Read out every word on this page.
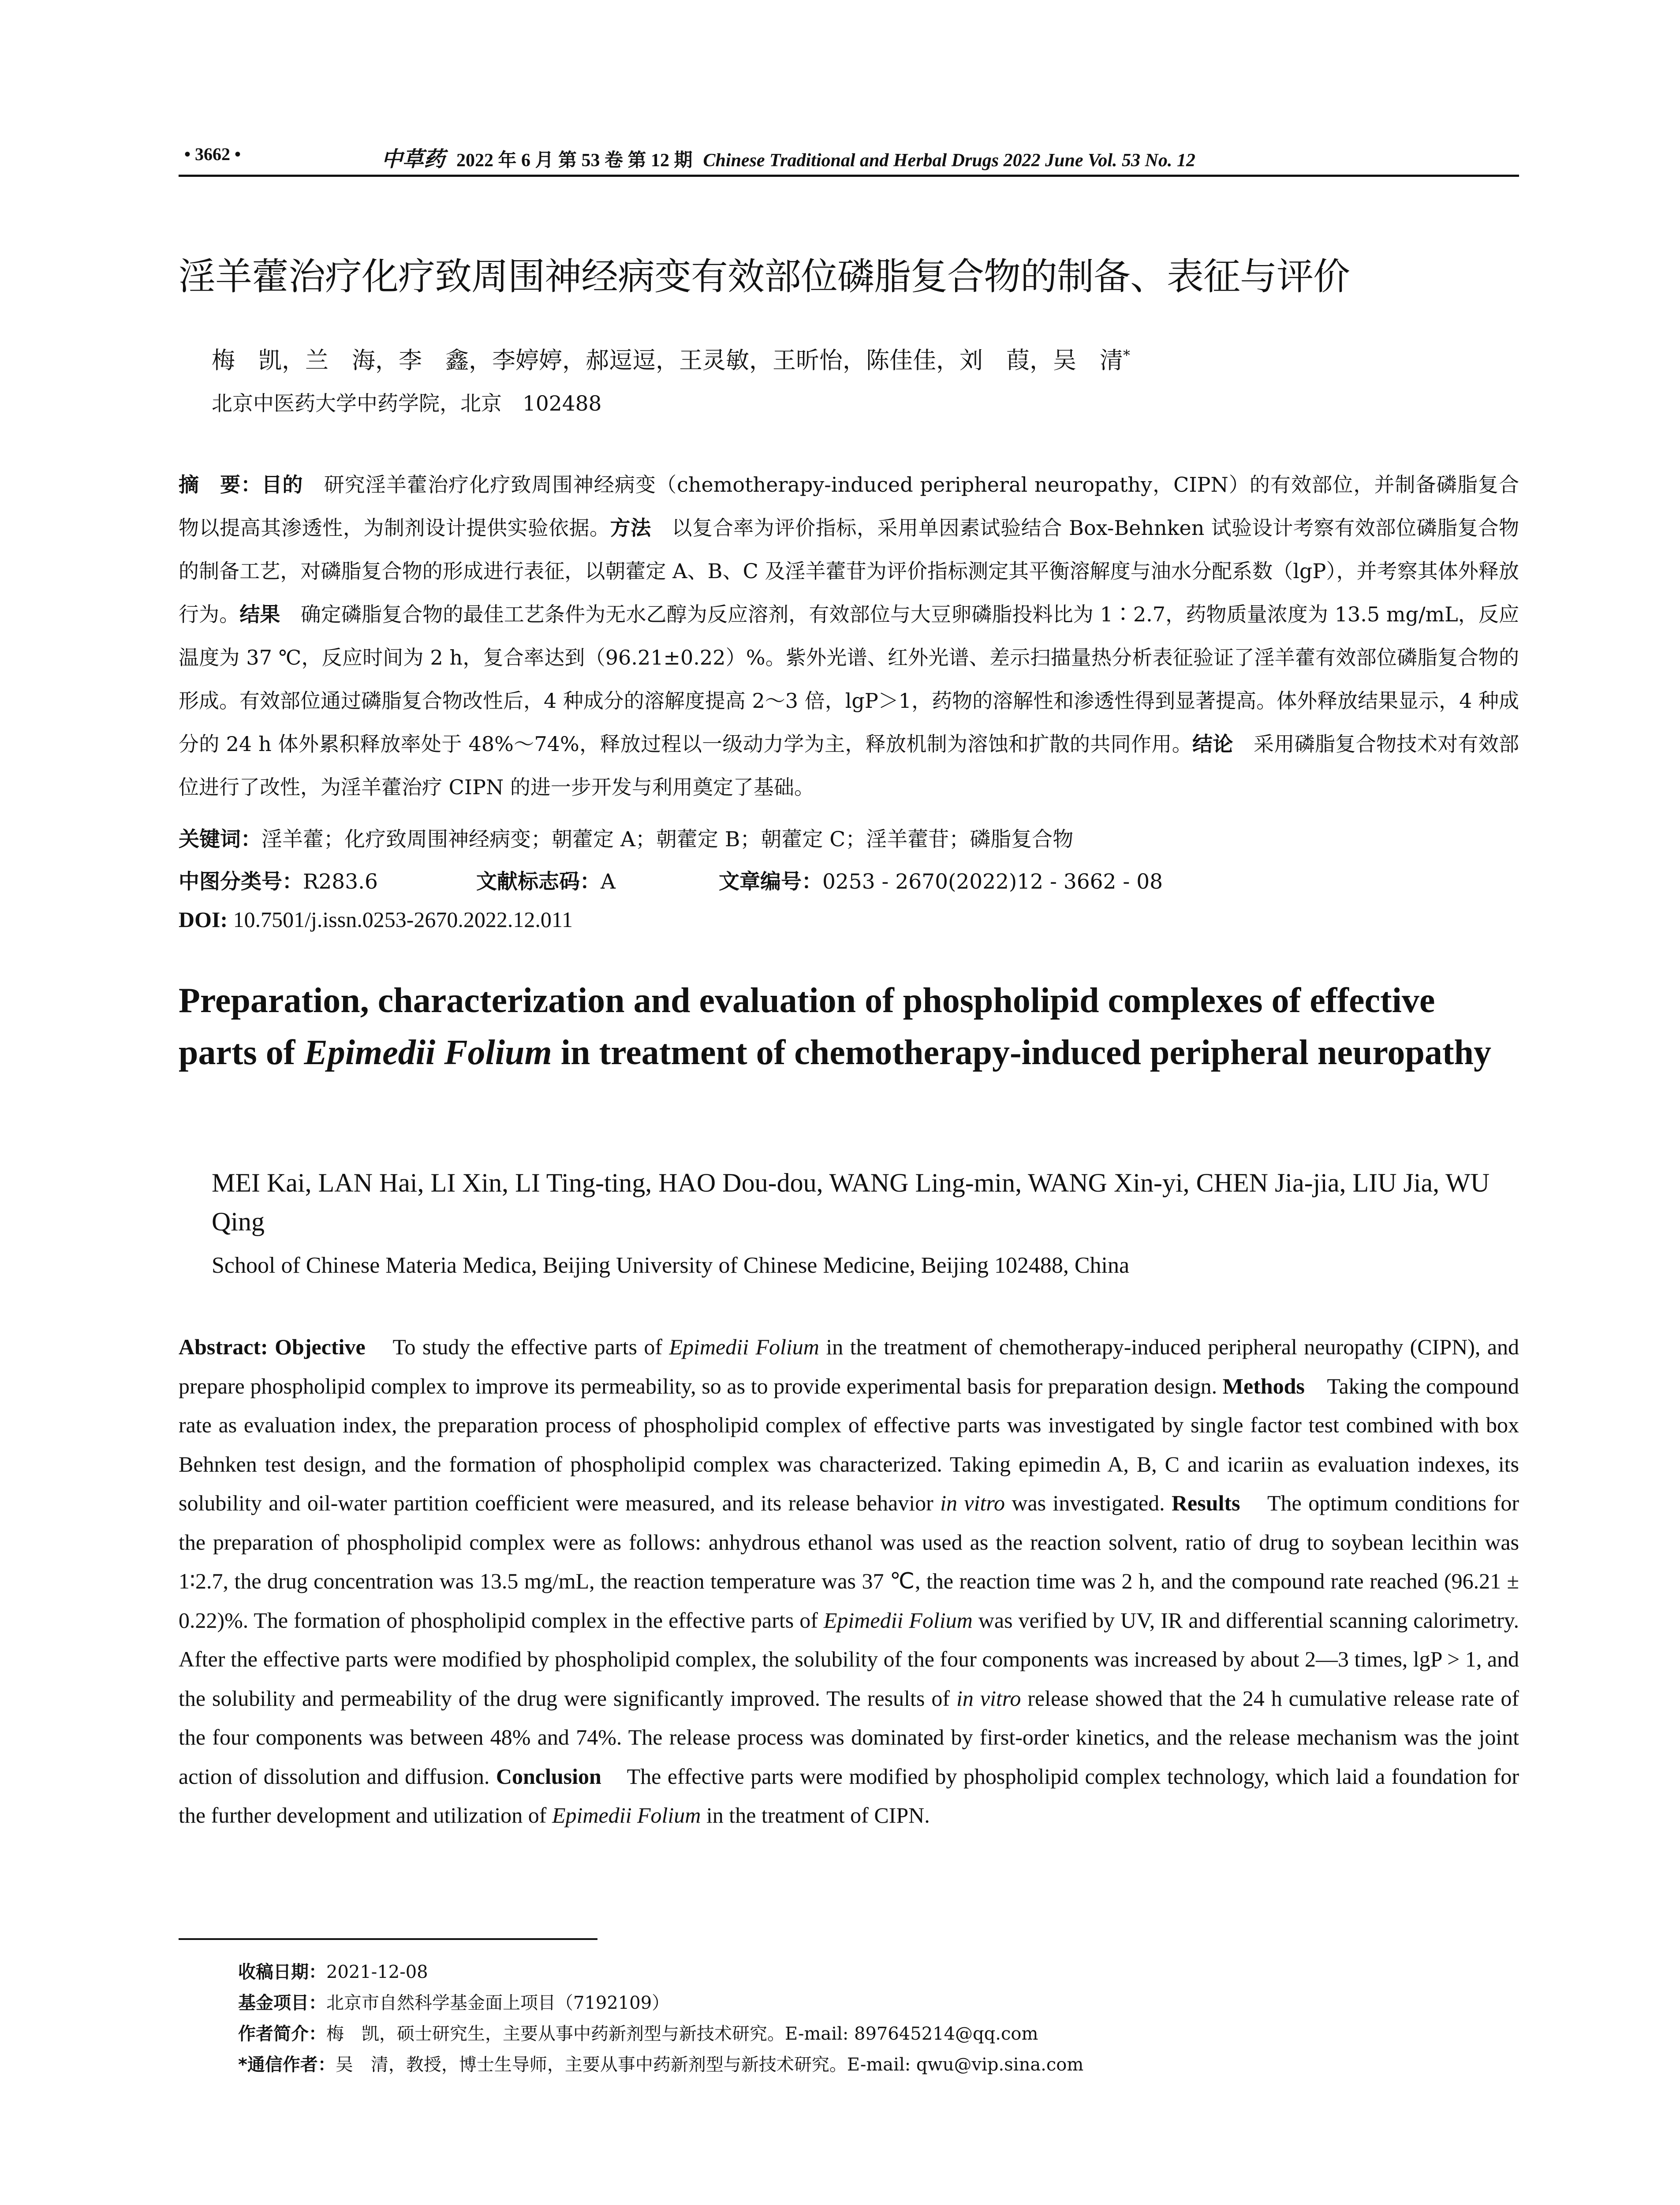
• 3662 •	中草药 2022 年 6 月 第 53 卷 第 12 期 Chinese Traditional and Herbal Drugs 2022 June Vol. 53 No. 12
淫羊藿治疗化疗致周围神经病变有效部位磷脂复合物的制备、表征与评价
梅　凯，兰　海，李　鑫，李婷婷，郝逗逗，王灵敏，王昕怡，陈佳佳，刘　葭，吴　清*
北京中医药大学中药学院，北京　102488
摘　要：目的　 研究淫羊藿治疗化疗致周围神经病变（chemotherapy-induced peripheral neuropathy，CIPN）的有效部位，并制备磷脂复合物以提高其渗透性，为制剂设计提供实验依据。方法　 以复合率为评价指标，采用单因素试验结合 Box-Behnken 试验设计考察有效部位磷脂复合物的制备工艺，对磷脂复合物的形成进行表征，以朝藿定 A、B、C 及淫羊藿苷为评价指标测定其平衡溶解度与油水分配系数（lgP），并考察其体外释放行为。结果　 确定磷脂复合物的最佳工艺条件为无水乙醇为反应溶剂，有效部位与大豆卵磷脂投料比为 1∶2.7，药物质量浓度为 13.5 mg/mL，反应温度为 37 ℃，反应时间为 2 h，复合率达到（96.21±0.22）%。紫外光谱、红外光谱、差示扫描量热分析表征验证了淫羊藿有效部位磷脂复合物的形成。有效部位通过磷脂复合物改性后，4 种成分的溶解度提高 2～3 倍，lgP＞1，药物的溶解性和渗透性得到显著提高。体外释放结果显示，4 种成分的 24 h 体外累积释放率处于 48%～74%，释放过程以一级动力学为主，释放机制为溶蚀和扩散的共同作用。结论　 采用磷脂复合物技术对有效部位进行了改性，为淫羊藿治疗 CIPN 的进一步开发与利用奠定了基础。
关键词：淫羊藿；化疗致周围神经病变；朝藿定 A；朝藿定 B；朝藿定 C；淫羊藿苷；磷脂复合物
中图分类号：R283.6	文献标志码：A	文章编号：0253 - 2670(2022)12 - 3662 - 08
DOI: 10.7501/j.issn.0253-2670.2022.12.011
Preparation, characterization and evaluation of phospholipid complexes of effective parts of Epimedii Folium in treatment of chemotherapy-induced peripheral neuropathy
MEI Kai, LAN Hai, LI Xin, LI Ting-ting, HAO Dou-dou, WANG Ling-min, WANG Xin-yi, CHEN Jia-jia, LIU Jia, WU Qing
School of Chinese Materia Medica, Beijing University of Chinese Medicine, Beijing 102488, China
Abstract: Objective To study the effective parts of Epimedii Folium in the treatment of chemotherapy-induced peripheral neuropathy (CIPN), and prepare phospholipid complex to improve its permeability, so as to provide experimental basis for preparation design. Methods Taking the compound rate as evaluation index, the preparation process of phospholipid complex of effective parts was investigated by single factor test combined with box Behnken test design, and the formation of phospholipid complex was characterized. Taking epimedin A, B, C and icariin as evaluation indexes, its solubility and oil-water partition coefficient were measured, and its release behavior in vitro was investigated. Results The optimum conditions for the preparation of phospholipid complex were as follows: anhydrous ethanol was used as the reaction solvent, ratio of drug to soybean lecithin was 1∶2.7, the drug concentration was 13.5 mg/mL, the reaction temperature was 37 ℃, the reaction time was 2 h, and the compound rate reached (96.21 ± 0.22)%. The formation of phospholipid complex in the effective parts of Epimedii Folium was verified by UV, IR and differential scanning calorimetry. After the effective parts were modified by phospholipid complex, the solubility of the four components was increased by about 2—3 times, lgP > 1, and the solubility and permeability of the drug were significantly improved. The results of in vitro release showed that the 24 h cumulative release rate of the four components was between 48% and 74%. The release process was dominated by first-order kinetics, and the release mechanism was the joint action of dissolution and diffusion. Conclusion The effective parts were modified by phospholipid complex technology, which laid a foundation for the further development and utilization of Epimedii Folium in the treatment of CIPN.
收稿日期：2021-12-08
基金项目：北京市自然科学基金面上项目（7192109）
作者简介：梅　凯，硕士研究生，主要从事中药新剂型与新技术研究。E-mail: 897645214@qq.com
*通信作者：吴　清，教授，博士生导师，主要从事中药新剂型与新技术研究。E-mail: qwu@vip.sina.com
